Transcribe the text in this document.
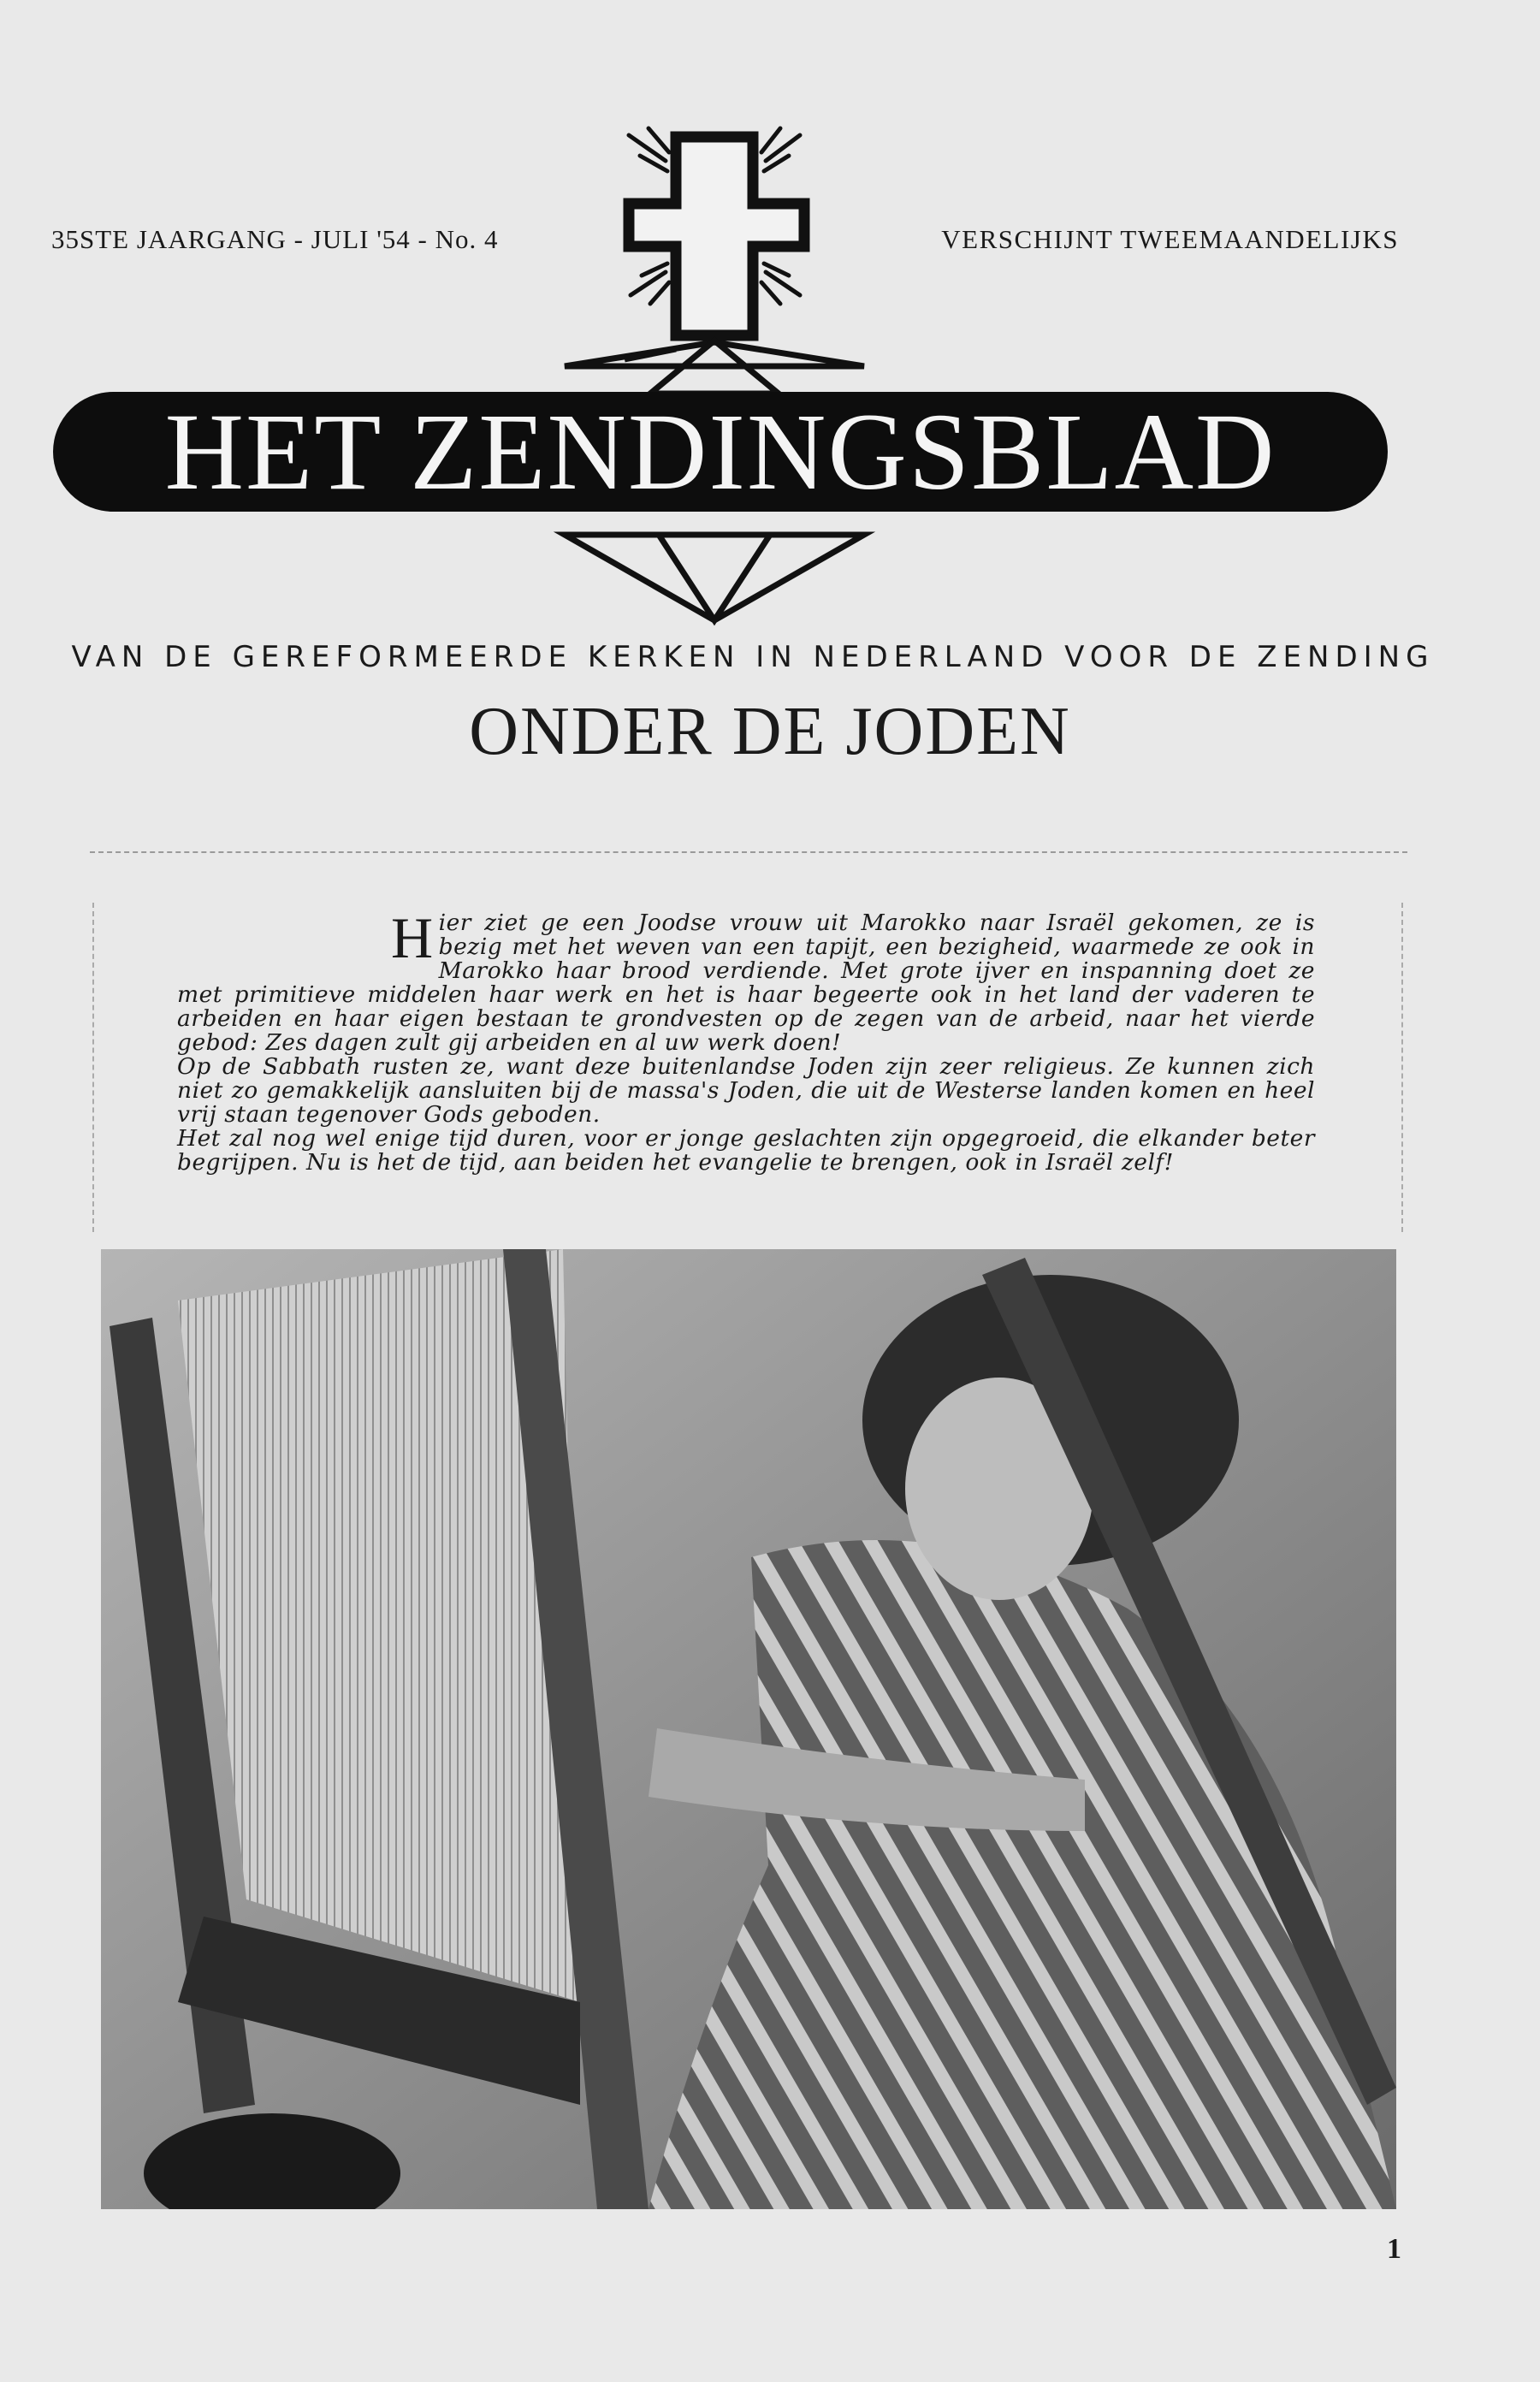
35STE JAARGANG - JULI '54 - No. 4	VERSCHIJNT TWEEMAANDELIJKS
HET ZENDINGSBLAD
VAN DE GEREFORMEERDE KERKEN IN NEDERLAND VOOR DE ZENDING
ONDER DE JODEN
H ier ziet ge een Joodse vrouw uit Marokko naar Israël gekomen, ze is bezig met het weven van een tapijt, een bezigheid, waarmede ze ook in Marokko haar brood verdiende. Met grote ijver en inspanning doet ze met primitieve middelen haar werk en het is haar begeerte ook in het land der vaderen te arbeiden en haar eigen bestaan te grondvesten op de zegen van de arbeid, naar het vierde gebod: Zes dagen zult gij arbeiden en al uw werk doen!

Op de Sabbath rusten ze, want deze buitenlandse Joden zijn zeer religieus. Ze kunnen zich niet zo gemakkelijk aansluiten bij de massa's Joden, die uit de Westerse landen komen en heel vrij staan tegenover Gods geboden.

Het zal nog wel enige tijd duren, voor er jonge geslachten zijn opgegroeid, die elkander beter begrijpen. Nu is het de tijd, aan beiden het evangelie te brengen, ook in Israël zelf!

1
